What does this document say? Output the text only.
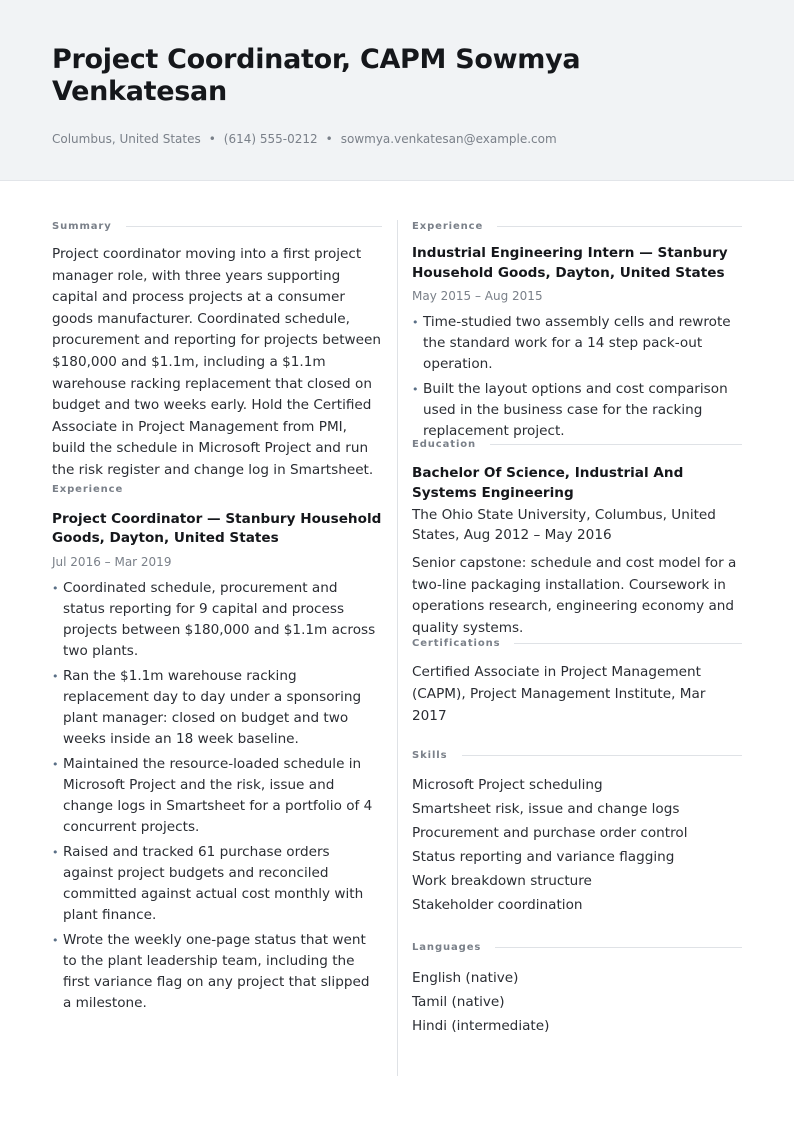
Project Coordinator, CAPM Sowmya Venkatesan
Columbus, United States • (614) 555-0212 • sowmya.venkatesan@example.com
Summary

Project coordinator moving into a first project manager role, with three years supporting capital and process projects at a consumer goods manufacturer. Coordinated schedule, procurement and reporting for projects between $180,000 and $1.1m, including a $1.1m warehouse racking replacement that closed on budget and two weeks early. Hold the Certified Associate in Project Management from PMI, build the schedule in Microsoft Project and run the risk register and change log in Smartsheet.

Experience
Project Coordinator — Stanbury Household Goods, Dayton, United States
Jul 2016 – Mar 2019
• Coordinated schedule, procurement and status reporting for 9 capital and process projects between $180,000 and $1.1m across two plants.
• Ran the $1.1m warehouse racking replacement day to day under a sponsoring plant manager: closed on budget and two weeks inside an 18 week baseline.
• Maintained the resource-loaded schedule in Microsoft Project and the risk, issue and change logs in Smartsheet for a portfolio of 4 concurrent projects.
• Raised and tracked 61 purchase orders against project budgets and reconciled committed against actual cost monthly with plant finance.
• Wrote the weekly one-page status that went to the plant leadership team, including the first variance flag on any project that slipped a milestone.
Experience
Industrial Engineering Intern — Stanbury Household Goods, Dayton, United States
May 2015 – Aug 2015
• Time-studied two assembly cells and rewrote the standard work for a 14 step pack-out operation.
• Built the layout options and cost comparison used in the business case for the racking replacement project.
Education
Bachelor Of Science, Industrial And Systems Engineering
The Ohio State University, Columbus, United States, Aug 2012 – May 2016
Senior capstone: schedule and cost model for a two-line packaging installation. Coursework in operations research, engineering economy and quality systems.
Certifications
Certified Associate in Project Management (CAPM), Project Management Institute, Mar 2017
Skills
Microsoft Project scheduling
Smartsheet risk, issue and change logs
Procurement and purchase order control
Status reporting and variance flagging
Work breakdown structure
Stakeholder coordination
Languages
English (native)
Tamil (native)
Hindi (intermediate)
